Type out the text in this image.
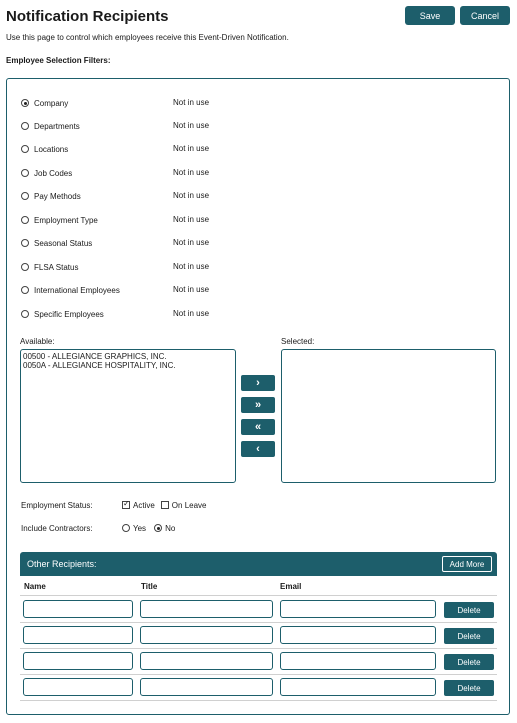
Notification Recipients	Save	Cancel
Use this page to control which employees receive this Event-Driven Notification.
Employee Selection Filters:
Company	Not in use
Departments	Not in use
Locations	Not in use
Job Codes	Not in use
Pay Methods	Not in use
Employment Type	Not in use
Seasonal Status	Not in use
FLSA Status	Not in use
International Employees	Not in use
Specific Employees	Not in use
Available:
00500 - ALLEGIANCE GRAPHICS, INC.
0050A - ALLEGIANCE HOSPITALITY, INC.
›
»
«
‹
Selected:
Employment Status:
✓	Active On Leave
Include Contractors:	Yes No
Other Recipients:	Add More
Name	Title	Email
Delete
Delete
Delete
Delete
